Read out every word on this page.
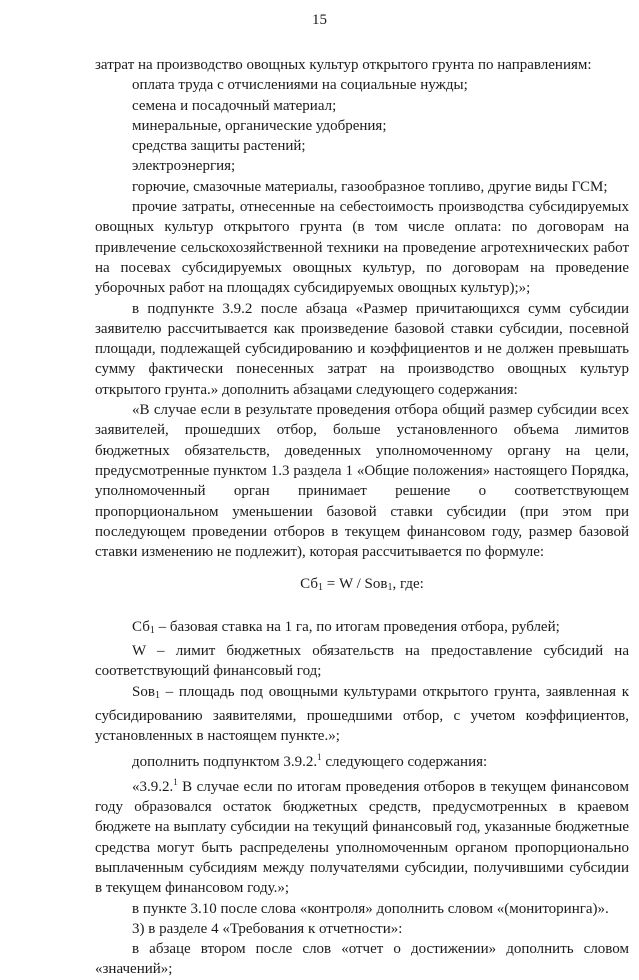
15

затрат на производство овощных культур открытого грунта по направлениям:

оплата труда с отчислениями на социальные нужды;

семена и посадочный материал;

минеральные, органические удобрения;

средства защиты растений;

электроэнергия;

горючие, смазочные материалы, газообразное топливо, другие виды ГСМ;

прочие затраты, отнесенные на себестоимость производства субсидируемых овощных культур открытого грунта (в том числе оплата: по договорам на привлечение сельскохозяйственной техники на проведение агротехнических работ на посевах субсидируемых овощных культур, по договорам на проведение уборочных работ на площадях субсидируемых овощных культур);»;

в подпункте 3.9.2 после абзаца «Размер причитающихся сумм субсидии заявителю рассчитывается как произведение базовой ставки субсидии, посевной площади, подлежащей субсидированию и коэффициентов и не должен превышать сумму фактически понесенных затрат на производство овощных культур открытого грунта.» дополнить абзацами следующего содержания:

«В случае если в результате проведения отбора общий размер субсидии всех заявителей, прошедших отбор, больше установленного объема лимитов бюджетных обязательств, доведенных уполномоченному органу на цели, предусмотренные пунктом 1.3 раздела 1 «Общие положения» настоящего Порядка, уполномоченный орган принимает решение о соответствующем пропорциональном уменьшении базовой ставки субсидии (при этом при последующем проведении отборов в текущем финансовом году, размер базовой ставки изменению не подлежит), которая рассчитывается по формуле:

$Сб_1 = W / Sов_1$, где:

$Сб_1$ – базовая ставка на 1 га, по итогам проведения отбора, рублей;

W – лимит бюджетных обязательств на предоставление субсидий на соответствующий финансовый год;

Sов$_1$ – площадь под овощными культурами открытого грунта, заявленная к субсидированию заявителями, прошедшими отбор, с учетом коэффициентов, установленных в настоящем пункте.»;

дополнить подпунктом 3.9.2.$^1$ следующего содержания:

«3.9.2.$^1$ В случае если по итогам проведения отборов в текущем финансовом году образовался остаток бюджетных средств, предусмотренных в краевом бюджете на выплату субсидии на текущий финансовый год, указанные бюджетные средства могут быть распределены уполномоченным органом пропорционально выплаченным субсидиям между получателями субсидии, получившими субсидии в текущем финансовом году.»;

в пункте 3.10 после слова «контроля» дополнить словом «(мониторинга)».

3) в разделе 4 «Требования к отчетности»:

в абзаце втором после слов «отчет о достижении» дополнить словом «значений»;
